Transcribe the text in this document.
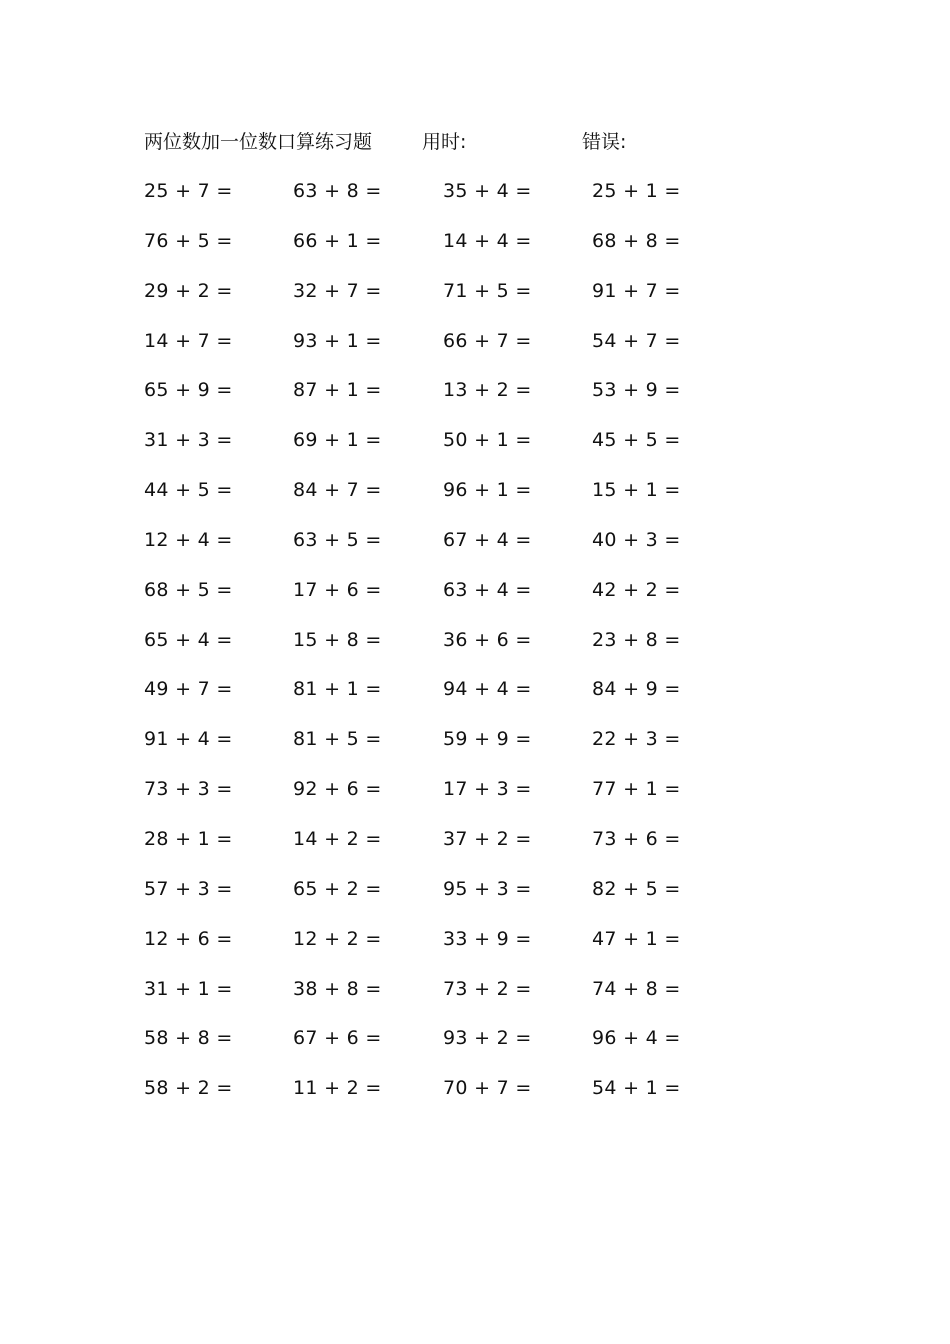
两位数加一位数口算练习题	用时:	错误:
25 + 7 =	63 + 8 =	35 + 4 =	25 + 1 =
76 + 5 =	66 + 1 =	14 + 4 =	68 + 8 =
29 + 2 =	32 + 7 =	71 + 5 =	91 + 7 =
14 + 7 =	93 + 1 =	66 + 7 =	54 + 7 =
65 + 9 =	87 + 1 =	13 + 2 =	53 + 9 =
31 + 3 =	69 + 1 =	50 + 1 =	45 + 5 =
44 + 5 =	84 + 7 =	96 + 1 =	15 + 1 =
12 + 4 =	63 + 5 =	67 + 4 =	40 + 3 =
68 + 5 =	17 + 6 =	63 + 4 =	42 + 2 =
65 + 4 =	15 + 8 =	36 + 6 =	23 + 8 =
49 + 7 =	81 + 1 =	94 + 4 =	84 + 9 =
91 + 4 =	81 + 5 =	59 + 9 =	22 + 3 =
73 + 3 =	92 + 6 =	17 + 3 =	77 + 1 =
28 + 1 =	14 + 2 =	37 + 2 =	73 + 6 =
57 + 3 =	65 + 2 =	95 + 3 =	82 + 5 =
12 + 6 =	12 + 2 =	33 + 9 =	47 + 1 =
31 + 1 =	38 + 8 =	73 + 2 =	74 + 8 =
58 + 8 =	67 + 6 =	93 + 2 =	96 + 4 =
58 + 2 =	11 + 2 =	70 + 7 =	54 + 1 =
